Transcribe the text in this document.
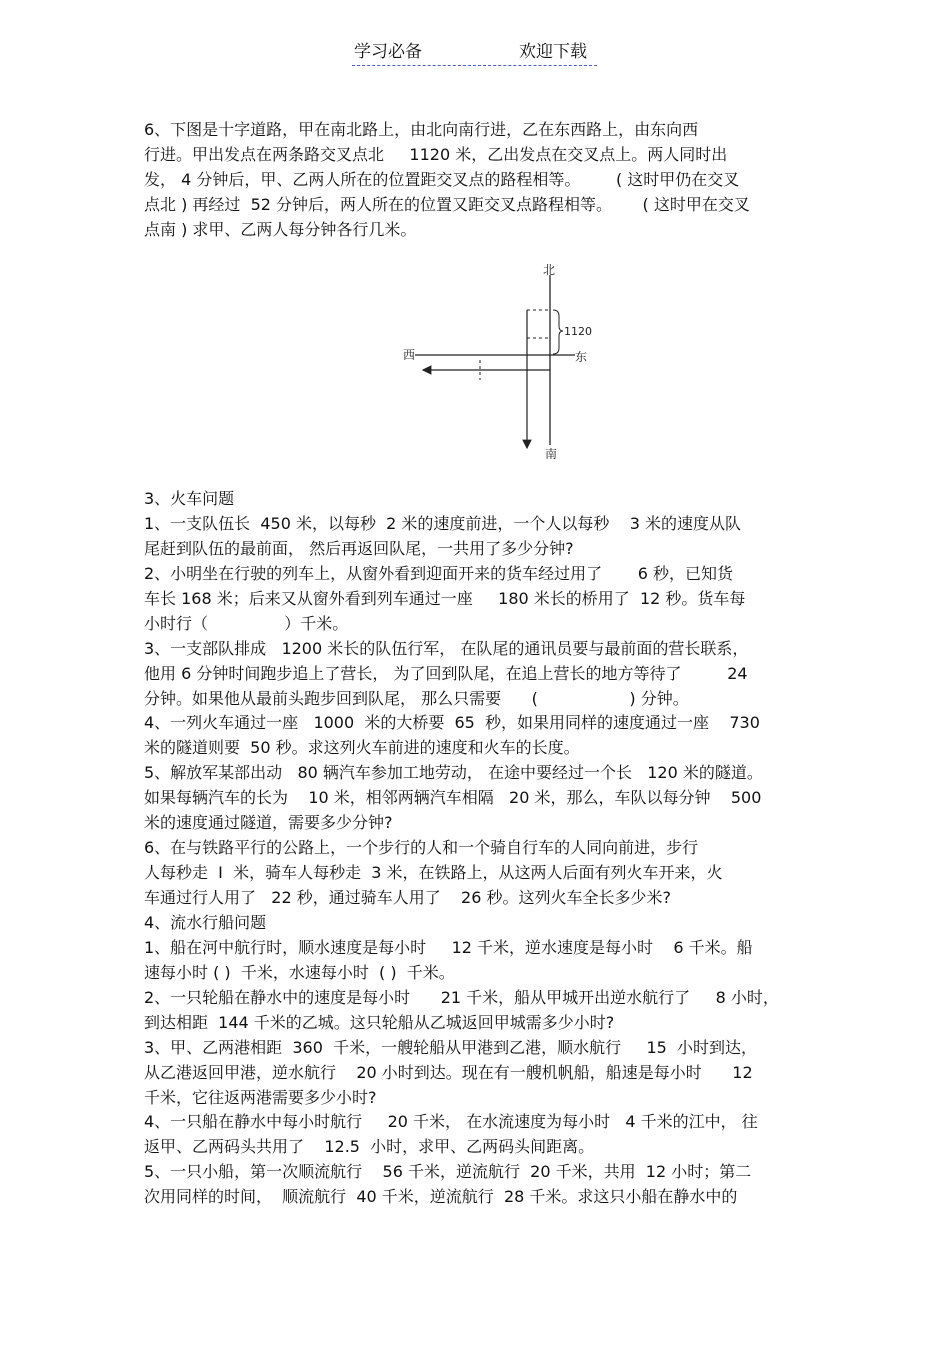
学习必备	欢迎下载
6、下图是十字道路，甲在南北路上，由北向南行进，乙在东西路上，由东向西
行进。甲出发点在两条路交叉点北     1120 米，乙出发点在交叉点上。两人同时出
发， 4 分钟后，甲、乙两人所在的位置距交叉点的路程相等。       ( 这时甲仍在交叉
点北 ) 再经过  52 分钟后，两人所在的位置又距交叉点路程相等。      ( 这时甲在交叉
点南 ) 求甲、乙两人每分钟各行几米。
1120
北
南
西	东
3、火车问题
1、一支队伍长  450 米，以每秒  2 米的速度前进，一个人以每秒    3 米的速度从队
尾赶到队伍的最前面， 然后再返回队尾，一共用了多少分钟?
2、小明坐在行驶的列车上，从窗外看到迎面开来的货车经过用了       6 秒，已知货
车长 168 米；后来又从窗外看到列车通过一座     180 米长的桥用了  12 秒。货车每
小时行（               ）千米。
3、一支部队排成   1200 米长的队伍行军， 在队尾的通讯员要与最前面的营长联系，
他用 6 分钟时间跑步追上了营长， 为了回到队尾，在追上营长的地方等待了         24
分钟。如果他从最前头跑步回到队尾， 那么只需要      (                  ) 分钟。
4、一列火车通过一座   1000  米的大桥要  65  秒，如果用同样的速度通过一座    730
米的隧道则要  50 秒。求这列火车前进的速度和火车的长度。
5、解放军某部出动   80 辆汽车参加工地劳动， 在途中要经过一个长   120 米的隧道。
如果每辆汽车的长为    10 米，相邻两辆汽车相隔   20 米，那么，车队以每分钟    500
米的速度通过隧道，需要多少分钟?
6、在与铁路平行的公路上，一个步行的人和一个骑自行车的人同向前进，步行
人每秒走  I  米，骑车人每秒走  3 米，在铁路上，从这两人后面有列火车开来，火
车通过行人用了   22 秒，通过骑车人用了    26 秒。这列火车全长多少米?
4、流水行船问题
1、船在河中航行时，顺水速度是每小时     12 千米，逆水速度是每小时    6 千米。船
速每小时 ( )  千米，水速每小时  ( )  千米。
2、一只轮船在静水中的速度是每小时      21 千米，船从甲城开出逆水航行了     8 小时，
到达相距  144 千米的乙城。这只轮船从乙城返回甲城需多少小时?
3、甲、乙两港相距  360  千米，一艘轮船从甲港到乙港，顺水航行     15  小时到达，
从乙港返回甲港，逆水航行    20 小时到达。现在有一艘机帆船，船速是每小时      12
千米，它往返两港需要多少小时?
4、一只船在静水中每小时航行     20 千米， 在水流速度为每小时   4 千米的江中， 往
返甲、乙两码头共用了    12.5  小时，求甲、乙两码头间距离。
5、一只小船，第一次顺流航行    56 千米，逆流航行  20 千米，共用  12 小时；第二
次用同样的时间，  顺流航行  40 千米，逆流航行  28 千米。求这只小船在静水中的
